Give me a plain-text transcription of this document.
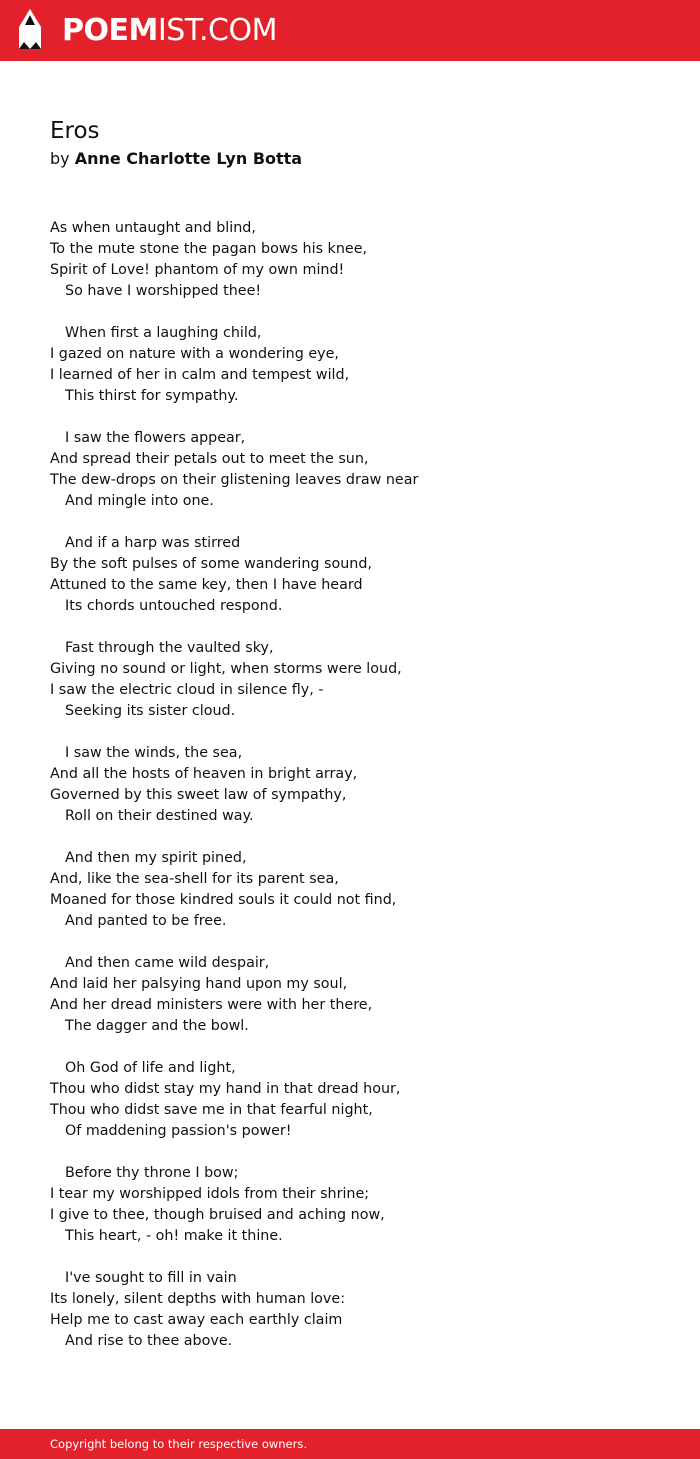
POEMIST.COM
Eros
by Anne Charlotte Lyn Botta
As when untaught and blind,
To the mute stone the pagan bows his knee,
Spirit of Love! phantom of my own mind!
So have I worshipped thee!
When first a laughing child,
I gazed on nature with a wondering eye,
I learned of her in calm and tempest wild,
This thirst for sympathy.
I saw the flowers appear,
And spread their petals out to meet the sun,
The dew-drops on their glistening leaves draw near
And mingle into one.
And if a harp was stirred
By the soft pulses of some wandering sound,
Attuned to the same key, then I have heard
Its chords untouched respond.
Fast through the vaulted sky,
Giving no sound or light, when storms were loud,
I saw the electric cloud in silence fly, -
Seeking its sister cloud.
I saw the winds, the sea,
And all the hosts of heaven in bright array,
Governed by this sweet law of sympathy,
Roll on their destined way.
And then my spirit pined,
And, like the sea-shell for its parent sea,
Moaned for those kindred souls it could not find,
And panted to be free.
And then came wild despair,
And laid her palsying hand upon my soul,
And her dread ministers were with her there,
The dagger and the bowl.
Oh God of life and light,
Thou who didst stay my hand in that dread hour,
Thou who didst save me in that fearful night,
Of maddening passion's power!
Before thy throne I bow;
I tear my worshipped idols from their shrine;
I give to thee, though bruised and aching now,
This heart, - oh! make it thine.
I've sought to fill in vain
Its lonely, silent depths with human love:
Help me to cast away each earthly claim
And rise to thee above.
Copyright belong to their respective owners.
